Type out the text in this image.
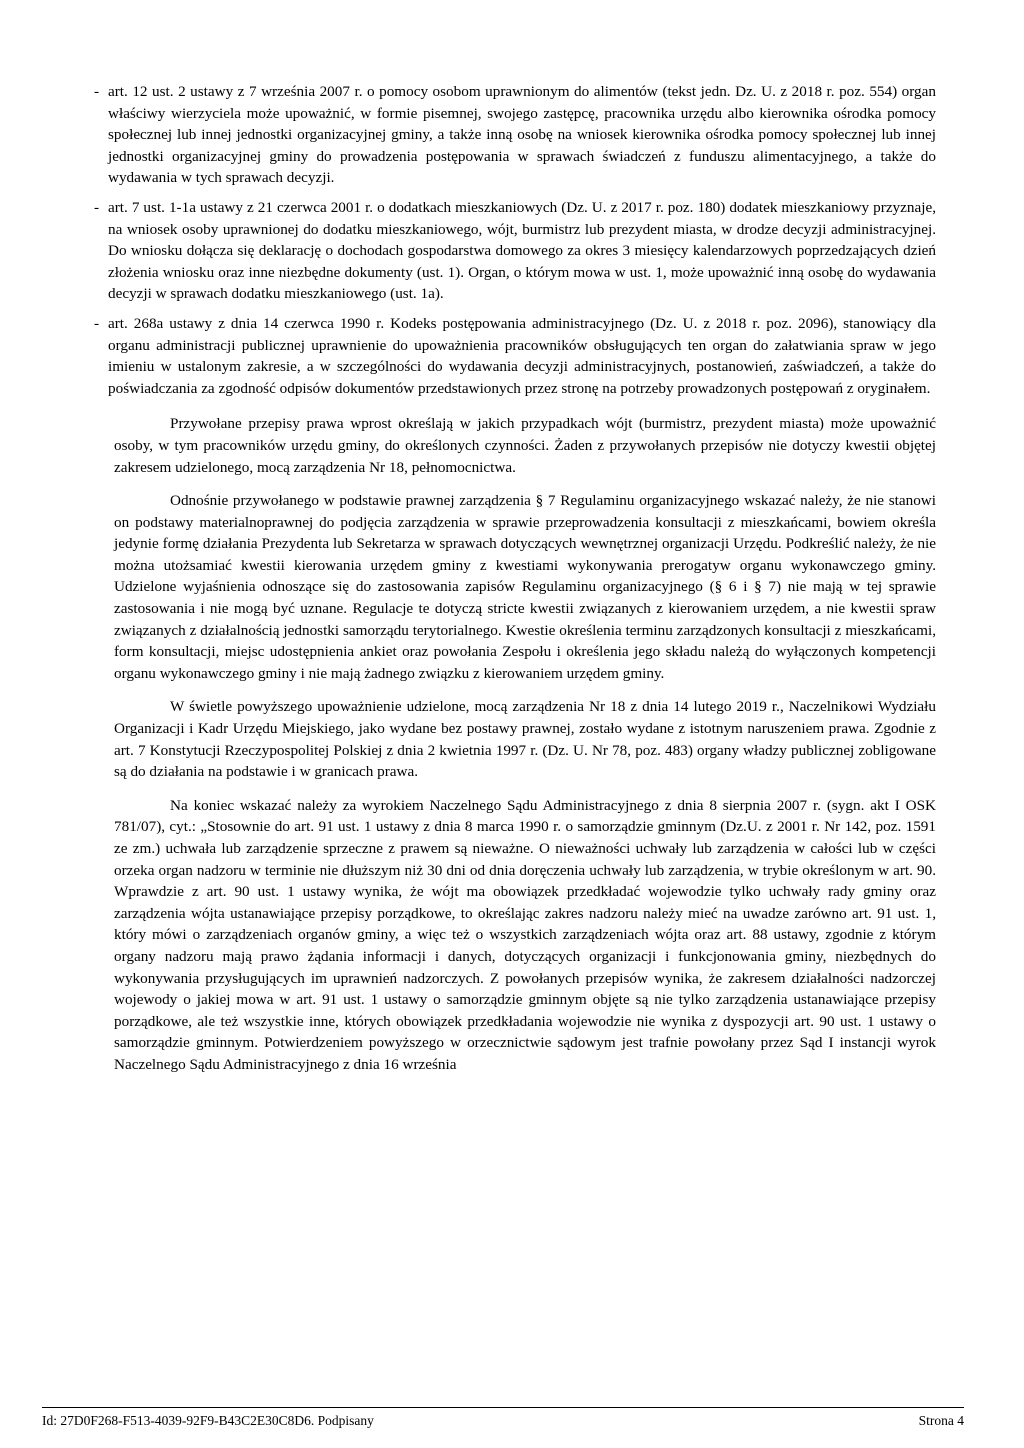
- art. 12 ust. 2 ustawy z 7 września 2007 r. o pomocy osobom uprawnionym do alimentów (tekst jedn. Dz. U. z 2018 r. poz. 554) organ właściwy wierzyciela może upoważnić, w formie pisemnej, swojego zastępcę, pracownika urzędu albo kierownika ośrodka pomocy społecznej lub innej jednostki organizacyjnej gminy, a także inną osobę na wniosek kierownika ośrodka pomocy społecznej lub innej jednostki organizacyjnej gminy do prowadzenia postępowania w sprawach świadczeń z funduszu alimentacyjnego, a także do wydawania w tych sprawach decyzji.
- art. 7 ust. 1-1a ustawy z 21 czerwca 2001 r. o dodatkach mieszkaniowych (Dz. U. z 2017 r. poz. 180) dodatek mieszkaniowy przyznaje, na wniosek osoby uprawnionej do dodatku mieszkaniowego, wójt, burmistrz lub prezydent miasta, w drodze decyzji administracyjnej. Do wniosku dołącza się deklarację o dochodach gospodarstwa domowego za okres 3 miesięcy kalendarzowych poprzedzających dzień złożenia wniosku oraz inne niezbędne dokumenty (ust. 1). Organ, o którym mowa w ust. 1, może upoważnić inną osobę do wydawania decyzji w sprawach dodatku mieszkaniowego (ust. 1a).
- art. 268a ustawy z dnia 14 czerwca 1990 r. Kodeks postępowania administracyjnego (Dz. U. z 2018 r. poz. 2096), stanowiący dla organu administracji publicznej uprawnienie do upoważnienia pracowników obsługujących ten organ do załatwiania spraw w jego imieniu w ustalonym zakresie, a w szczególności do wydawania decyzji administracyjnych, postanowień, zaświadczeń, a także do poświadczania za zgodność odpisów dokumentów przedstawionych przez stronę na potrzeby prowadzonych postępowań z oryginałem.

Przywołane przepisy prawa wprost określają w jakich przypadkach wójt (burmistrz, prezydent miasta) może upoważnić osoby, w tym pracowników urzędu gminy, do określonych czynności. Żaden z przywołanych przepisów nie dotyczy kwestii objętej zakresem udzielonego, mocą zarządzenia Nr 18, pełnomocnictwa.

Odnośnie przywołanego w podstawie prawnej zarządzenia § 7 Regulaminu organizacyjnego wskazać należy, że nie stanowi on podstawy materialnoprawnej do podjęcia zarządzenia w sprawie przeprowadzenia konsultacji z mieszkańcami, bowiem określa jedynie formę działania Prezydenta lub Sekretarza w sprawach dotyczących wewnętrznej organizacji Urzędu. Podkreślić należy, że nie można utożsamiać kwestii kierowania urzędem gminy z kwestiami wykonywania prerogatyw organu wykonawczego gminy. Udzielone wyjaśnienia odnoszące się do zastosowania zapisów Regulaminu organizacyjnego (§ 6 i § 7) nie mają w tej sprawie zastosowania i nie mogą być uznane. Regulacje te dotyczą stricte kwestii związanych z kierowaniem urzędem, a nie kwestii spraw związanych z działalnością jednostki samorządu terytorialnego. Kwestie określenia terminu zarządzonych konsultacji z mieszkańcami, form konsultacji, miejsc udostępnienia ankiet oraz powołania Zespołu i określenia jego składu należą do wyłączonych kompetencji organu wykonawczego gminy i nie mają żadnego związku z kierowaniem urzędem gminy.

W świetle powyższego upoważnienie udzielone, mocą zarządzenia Nr 18 z dnia 14 lutego 2019 r., Naczelnikowi Wydziału Organizacji i Kadr Urzędu Miejskiego, jako wydane bez postawy prawnej, zostało wydane z istotnym naruszeniem prawa. Zgodnie z art. 7 Konstytucji Rzeczypospolitej Polskiej z dnia 2 kwietnia 1997 r. (Dz. U. Nr 78, poz. 483) organy władzy publicznej zobligowane są do działania na podstawie i w granicach prawa.

Na koniec wskazać należy za wyrokiem Naczelnego Sądu Administracyjnego z dnia 8 sierpnia 2007 r. (sygn. akt I OSK 781/07), cyt.: „Stosownie do art. 91 ust. 1 ustawy z dnia 8 marca 1990 r. o samorządzie gminnym (Dz.U. z 2001 r. Nr 142, poz. 1591 ze zm.) uchwała lub zarządzenie sprzeczne z prawem są nieważne. O nieważności uchwały lub zarządzenia w całości lub w części orzeka organ nadzoru w terminie nie dłuższym niż 30 dni od dnia doręczenia uchwały lub zarządzenia, w trybie określonym w art. 90. Wprawdzie z art. 90 ust. 1 ustawy wynika, że wójt ma obowiązek przedkładać wojewodzie tylko uchwały rady gminy oraz zarządzenia wójta ustanawiające przepisy porządkowe, to określając zakres nadzoru należy mieć na uwadze zarówno art. 91 ust. 1, który mówi o zarządzeniach organów gminy, a więc też o wszystkich zarządzeniach wójta oraz art. 88 ustawy, zgodnie z którym organy nadzoru mają prawo żądania informacji i danych, dotyczących organizacji i funkcjonowania gminy, niezbędnych do wykonywania przysługujących im uprawnień nadzorczych. Z powołanych przepisów wynika, że zakresem działalności nadzorczej wojewody o jakiej mowa w art. 91 ust. 1 ustawy o samorządzie gminnym objęte są nie tylko zarządzenia ustanawiające przepisy porządkowe, ale też wszystkie inne, których obowiązek przedkładania wojewodzie nie wynika z dyspozycji art. 90 ust. 1 ustawy o samorządzie gminnym. Potwierdzeniem powyższego w orzecznictwie sądowym jest trafnie powołany przez Sąd I instancji wyrok Naczelnego Sądu Administracyjnego z dnia 16 września

Id: 27D0F268-F513-4039-92F9-B43C2E30C8D6. Podpisany	Strona 4
